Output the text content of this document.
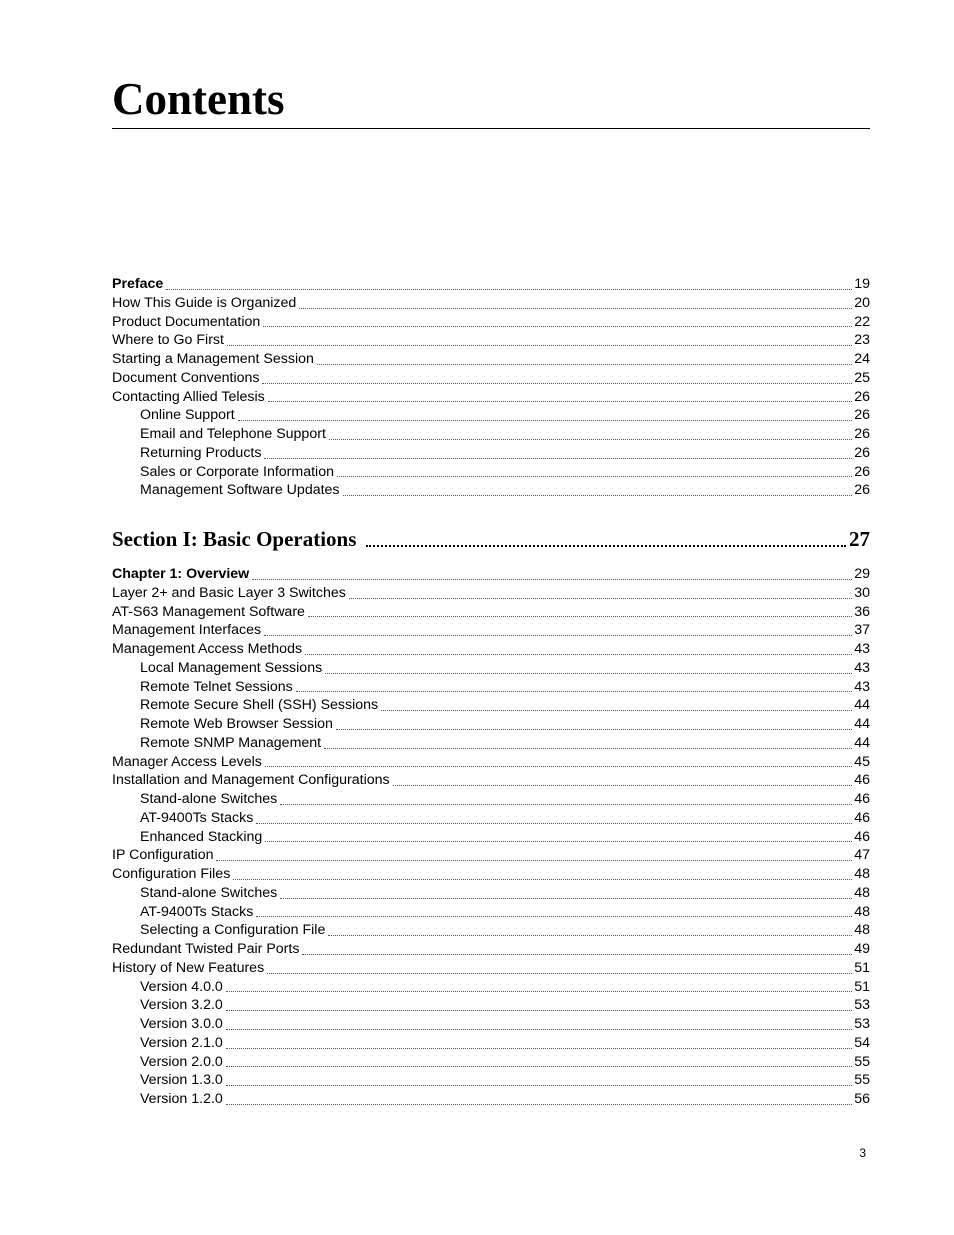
Contents
Preface	19
How This Guide is Organized	20
Product Documentation	22
Where to Go First	23
Starting a Management Session	24
Document Conventions	25
Contacting Allied Telesis	26
Online Support	26
Email and Telephone Support	26
Returning Products	26
Sales or Corporate Information	26
Management Software Updates	26
Section I: Basic Operations	27
Chapter 1: Overview	29
Layer 2+ and Basic Layer 3 Switches	30
AT-S63 Management Software	36
Management Interfaces	37
Management Access Methods	43
Local Management Sessions	43
Remote Telnet Sessions	43
Remote Secure Shell (SSH) Sessions	44
Remote Web Browser Session	44
Remote SNMP Management	44
Manager Access Levels	45
Installation and Management Configurations	46
Stand-alone Switches	46
AT-9400Ts Stacks	46
Enhanced Stacking	46
IP Configuration	47
Configuration Files	48
Stand-alone Switches	48
AT-9400Ts Stacks	48
Selecting a Configuration File	48
Redundant Twisted Pair Ports	49
History of New Features	51
Version 4.0.0	51
Version 3.2.0	53
Version 3.0.0	53
Version 2.1.0	54
Version 2.0.0	55
Version 1.3.0	55
Version 1.2.0	56
3
